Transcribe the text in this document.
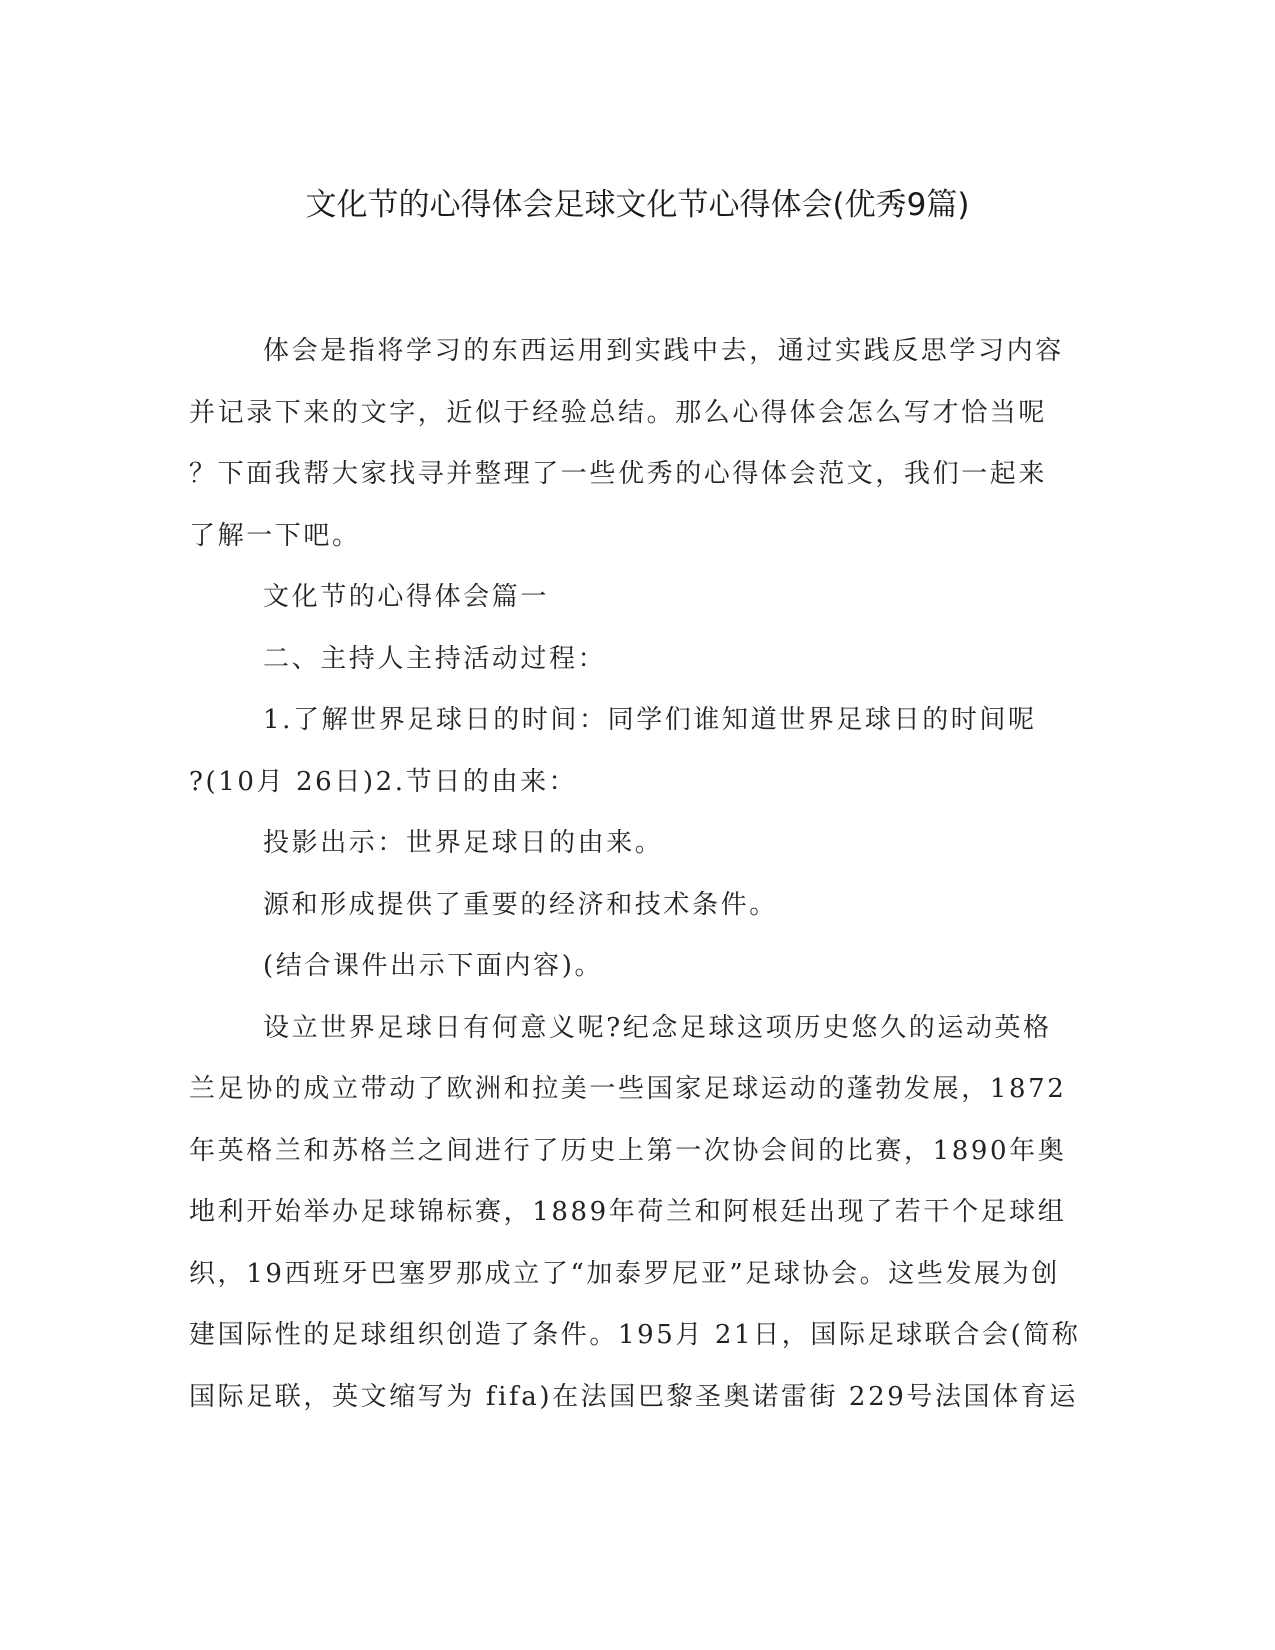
文化节的心得体会足球文化节心得体会(优秀9篇)
体会是指将学习的东西运用到实践中去，通过实践反思学习内容
并记录下来的文字，近似于经验总结。那么心得体会怎么写才恰当呢
？下面我帮大家找寻并整理了一些优秀的心得体会范文，我们一起来
了解一下吧。
文化节的心得体会篇一
二、主持人主持活动过程：
1.了解世界足球日的时间：同学们谁知道世界足球日的时间呢
?(10月 26日)2.节日的由来：
投影出示：世界足球日的由来。
源和形成提供了重要的经济和技术条件。
(结合课件出示下面内容)。
设立世界足球日有何意义呢?纪念足球这项历史悠久的运动英格
兰足协的成立带动了欧洲和拉美一些国家足球运动的蓬勃发展，1872
年英格兰和苏格兰之间进行了历史上第一次协会间的比赛，1890年奥
地利开始举办足球锦标赛，1889年荷兰和阿根廷出现了若干个足球组
织，19西班牙巴塞罗那成立了“加泰罗尼亚”足球协会。这些发展为创
建国际性的足球组织创造了条件。195月 21日，国际足球联合会(简称
国际足联，英文缩写为 fifa)在法国巴黎圣奥诺雷街 229号法国体育运
